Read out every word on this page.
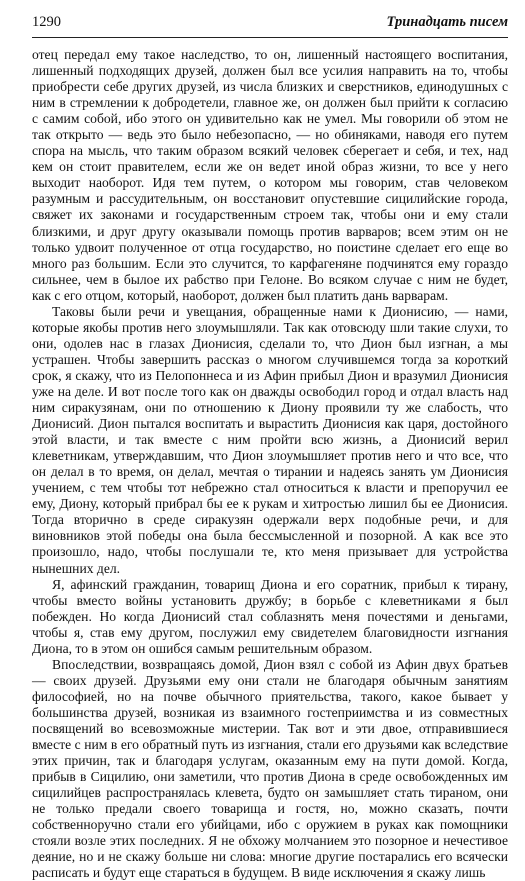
1290	Тринадцать писем

отец передал ему такое наследство, то он, лишенный настоящего воспитания, лишенный подходящих друзей, должен был все усилия направить на то, чтобы приобрести себе других друзей, из числа близких и сверстников, единодушных с ним в стремлении к добродетели, главное же, он должен был прийти к согласию с самим собой, ибо этого он удивительно как не умел. Мы говорили об этом не так открыто — ведь это было небезопасно, — но обиняками, наводя его путем спора на мысль, что таким образом всякий человек сберегает и себя, и тех, над кем он стоит правителем, если же он ведет иной образ жизни, то все у него выходит наоборот. Идя тем путем, о котором мы говорим, став человеком разумным и рассудительным, он восстановит опустевшие сицилийские города, свяжет их законами и государственным строем так, чтобы они и ему стали близкими, и друг другу оказывали помощь против варваров; всем этим он не только удвоит полученное от отца государство, но поистине сделает его еще во много раз большим. Если это случится, то карфагеняне подчинятся ему гораздо сильнее, чем в былое их рабство при Гелоне. Во всяком случае с ним не будет, как с его отцом, который, наоборот, должен был платить дань варварам.

Таковы были речи и увещания, обращенные нами к Дионисию, — нами, которые якобы против него злоумышляли. Так как отовсюду шли такие слухи, то они, одолев нас в глазах Дионисия, сделали то, что Дион был изгнан, а мы устрашен. Чтобы завершить рассказ о многом случившемся тогда за короткий срок, я скажу, что из Пелопоннеса и из Афин прибыл Дион и вразумил Дионисия уже на деле. И вот после того как он дважды освободил город и отдал власть над ним сиракузянам, они по отношению к Диону проявили ту же слабость, что Дионисий. Дион пытался воспитать и вырастить Дионисия как царя, достойного этой власти, и так вместе с ним пройти всю жизнь, а Дионисий верил клеветникам, утверждавшим, что Дион злоумышляет против него и что все, что он делал в то время, он делал, мечтая о тирании и надеясь занять ум Дионисия учением, с тем чтобы тот небрежно стал относиться к власти и препоручил ее ему, Диону, который прибрал бы ее к рукам и хитростью лишил бы ее Дионисия. Тогда вторично в среде сиракузян одержали верх подобные речи, и для виновников этой победы она была бессмысленной и позорной. А как все это произошло, надо, чтобы послушали те, кто меня призывает для устройства нынешних дел.

Я, афинский гражданин, товарищ Диона и его соратник, прибыл к тирану, чтобы вместо войны установить дружбу; в борьбе с клеветниками я был побежден. Но когда Дионисий стал соблазнять меня почестями и деньгами, чтобы я, став ему другом, послужил ему свидетелем благовидности изгнания Диона, то в этом он ошибся самым решительным образом.

Впоследствии, возвращаясь домой, Дион взял с собой из Афин двух братьев — своих друзей. Друзьями ему они стали не благодаря обычным занятиям философией, но на почве обычного приятельства, такого, какое бывает у большинства друзей, возникая из взаимного гостеприимства и из совместных посвящений во всевозможные мистерии. Так вот и эти двое, отправившиеся вместе с ним в его обратный путь из изгнания, стали его друзьями как вследствие этих причин, так и благодаря услугам, оказанным ему на пути домой. Когда, прибыв в Сицилию, они заметили, что против Диона в среде освобожденных им сицилийцев распространялась клевета, будто он замышляет стать тираном, они не только предали своего товарища и гостя, но, можно сказать, почти собственноручно стали его убийцами, ибо с оружием в руках как помощники стояли возле этих последних. Я не обхожу молчанием это позорное и нечестивое деяние, но и не скажу больше ни слова: многие другие постарались его всячески расписать и будут еще стараться в будущем. В виде исключения я скажу лишь
